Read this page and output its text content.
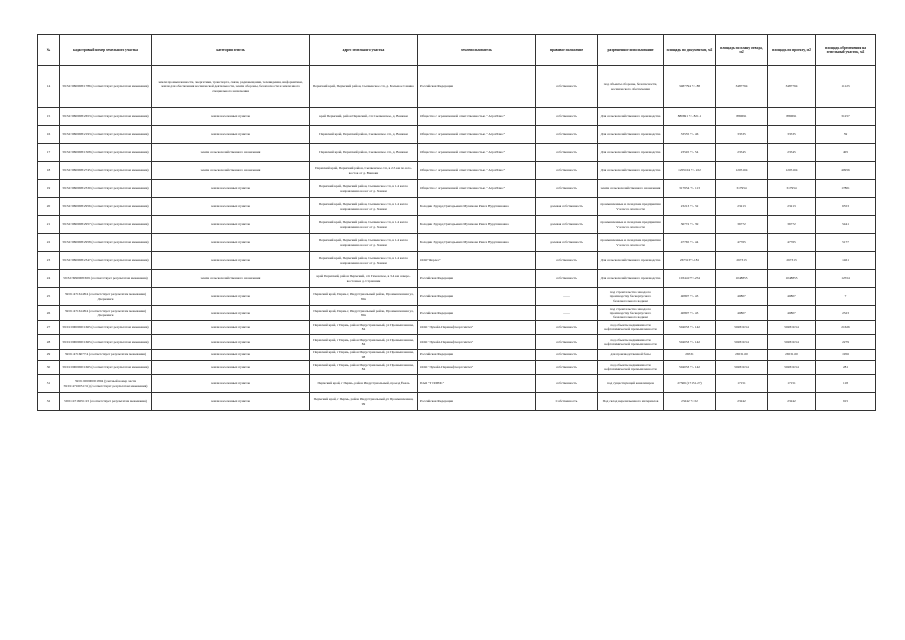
№	кадастровый номер земельного участка	категория земель	адрес земельного участка	землепользователь	правовое положение	разрешенное использование	площадь по документам, м2	площадь по плану отвода, м2	площадь по проекту, м2	площадь обременения на земельный участок, м2
14	59:32:3990008:1786 (соответствует результатам межевания)	земли промышленности, энергетики, транспорта, связи, радиовещания, телевидения, информатики, земли для обеспечения космической деятельности, земли обороны, безопасности и земли иного специального назначения	Пермский край, Пермский район, Сылвенское с/п, д. Большое Савино	Российская Федерация	собственность	под объекты обороны, безопасности, космического обеспечения	3487794 +/- 88	3487794	3487794	11123
15	59:32:3990008:2653 (соответствует результатам межевания)	земли населенных пунктов	край Пермский, район Пермский, с/п Сылвенское, д. Ванюки	Общество с ограниченной ответственностью " АгроПлюс"	собственность	Для сельскохозяйственного производства	880691 +/- 821.1	880691	880691	31257
16	59:32:3990008:2193 (соответствует результатам межевания)	земли населенных пунктов	Пермский край, Пермский район, Сылвенское с/п, д. Ванюки	Общество с ограниченной ответственностью " АгроПлюс"	собственность	Для сельскохозяйственного производства	33535 +/- 46	33535	33535	59
17	59:32:3990008:1508 (соответствует результатам межевания)	земли сельскохозяйственного назначения	Пермский край, Пермский район, Сылвенское с/п, д. Ванюки	Общество с ограниченной ответственностью " АгроПлюс"	собственность	Для сельскохозяйственного производства	23545 +/- 54	23545	23545	405
18	59:32:3990008:2745 (соответствует результатам межевания)	земли сельскохозяйственного назначения	Пермский край, Пермский район, Сылвенское с/п, в 2.5 км по юго-восток от д. Ванюки	Общество с ограниченной ответственностью " АгроПлюс"	собственность	Для сельскохозяйственного производства	1205104 +/- 222	1205104	1205104	40956
19	59:32:3990008:2330 (соответствует результатам межевания)	земли населенных пунктов	Пермский край, Пермский район, Сылвенское с/п, в 1.4 км по направлению на юг от д. Ханжи	Общество с ограниченной ответственностью " АгроПлюс"	собственность	земли сельскохозяйственного назначения	317954 +/- 113	317954	317954	17801
20	59:32:3990008:2956 (соответствует результатам межевания)	земли населенных пунктов	Пермский край, Пермский район, Сылвенское с/п, в 1.4 км по направлению на юг от д. Ханжи	Болодин Эдуард Григорьевич Мухамова Раиса Нурулзиновна	долевая собственность	промышленные и складские предприятия V класса опасности	23213 +/- 32	23213	23213	6553
21	59:32:3990008:2957 (соответствует результатам межевания)	земли населенных пунктов	Пермский край, Пермский район, Сылвенское с/п, в 1.4 км по направлению на юг от д. Ханжи	Болодин Эдуард Григорьевич Мухамова Раиса Нурулзиновна	долевая собственность	промышленные и складские предприятия V класса опасности	36772 +/- 39	36772	36772	5441
22	59:32:3990008:2958 (соответствует результатам межевания)	земли населенных пунктов	Пермский край, Пермский район, Сылвенское с/п, в 1.4 км по направлению на юг от д. Ханжи	Болодин Эдуард Григорьевич Мухамова Раиса Нурулзиновна	долевая собственность	промышленные и складские предприятия V класса опасности	47765 +/- 44	47765	47765	5177
23	59:32:3990008:2347 (соответствует результатам межевания)	земли населенных пунктов	Пермский край, Пермский район, Сылвенское с/п, в 1.4 км по направлению на юг от д. Ханжи	ООО"Ферлес"	собственность	Для сельскохозяйственного производства	267313+/-181	267313	267313	1461
24	59:32:3990008:659 (соответствует результатам межевания)	земли сельскохозяйственного назначения	край Пермский, район Пермский, с/п Гамовское, в 3.4 км северо-восточнее д. Страшник	Российская Федерация	собственность	Для сельскохозяйственного производства	1034417+/-254	1048855	1048855	12554
25	59:01:4716148:4 (соответствует результатам межевания) Дзержинск	земли населенных пунктов	Пермский край, Пермь г, Индустриальный район, Промышленная ул, 80а	Российская Федерация	——	под строительство завода по производству бескорпусного безалкогольного водкам	40807 +/- 43	40807	40807	7
26	59:01:4716148:4 (соответствует результатам межевания) Дзержинск	земли населенных пунктов	Пермский край, Пермь г, Индустриальный район, Промышленная ул, 80а	Российская Федерация	——	под строительство завода по производству бескорпусного безалкогольного водкам	40807 +/- 43	40807	40807	2323
27	59:01:0000000:1665 (соответствует результатам межевания)	земли населенных пунктов	Пермский край, г Пермь, район Индустриальный, ул Промышленная, 84	ООО "Лукойл-Пермнефтеоргсинтез"	собственность	под объекты недвижимости нефтехимической промышленности	504053 +/- 142	502819.54	502819.54	21626
28	59:01:0000000:1665 (соответствует результатам межевания)	земли населенных пунктов	Пермский край, г Пермь, район Индустриальный, ул Промышленная, 84	ООО "Лукойл-Пермнефтеоргсинтез"	собственность	под объекты недвижимости нефтехимической промышленности	504053 +/- 142	502819.54	502819.54	2279
29	59:01:4716077:4 (соответствует результатам межевания)	земли населенных пунктов	Пермский край, г Пермь, район Индустриальный, ул Промышленная, 98	Российская Федерация	собственность	для производственной базы	26531	26531.00	26531.00	1956
30	59:01:0000000:1665 (соответствует результатам межевания)	земли населенных пунктов	Пермский край, г Пермь, район Индустриальный, ул Промышленная, 84	ООО "Лукойл-Пермнефтеоргсинтез"	собственность	под объекты недвижимости нефтехимической промышленности	504053 +/- 142	502819.54	502819.54	281
31	59:01:0000000:1804 (учетный номер части 59:01:4716051:31) (соответствует результатам межевания)	земли населенных пунктов	Пермский край, г Пермь, район Индустриальный, проезд Ёкаль	ПАО "Т ПЛЮС"	собственность	под существующей канализиров	27366 (17151.27)	17151	17151	118
32	59:01:4716051:23 (соответствует результатам межевания)	земли населенных пунктов	Пермский край, г Пермь, район Индустриальный,ул Промышленная, 99	Российская Федерация	Собственность	Под склад нерезильенного материалов	23242 +/-52	23242	23242	915
